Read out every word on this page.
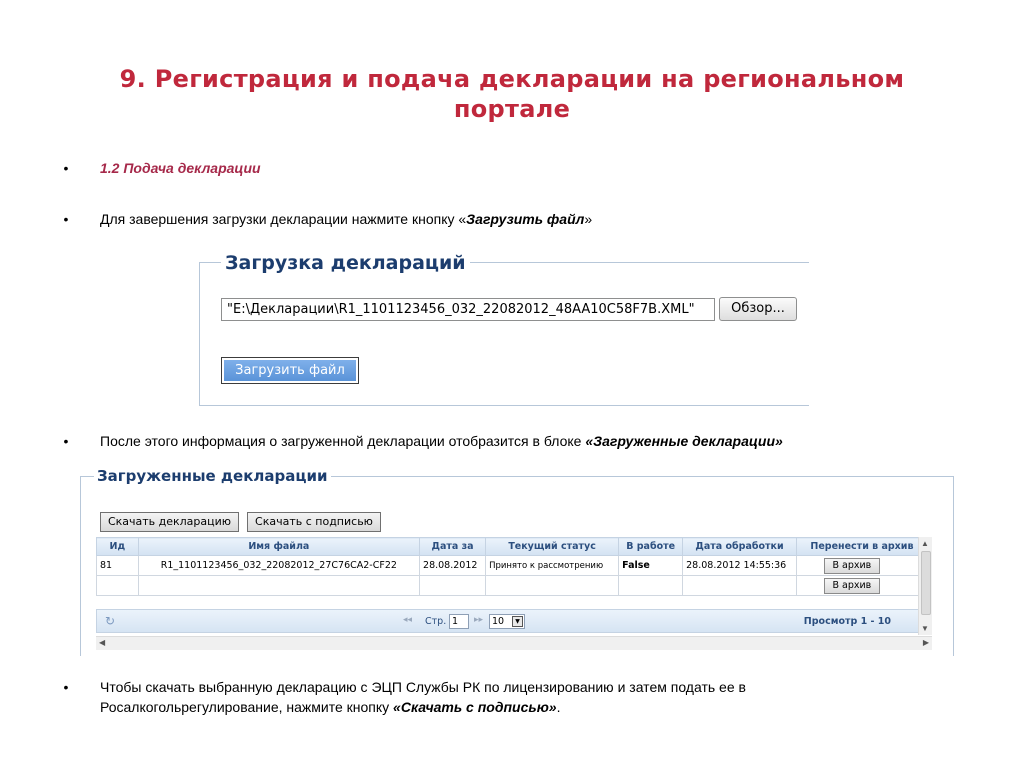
9. Регистрация и подача декларации на региональном портале
• 1.2 Подача декларации
• Для завершения загрузки декларации нажмите кнопку «Загрузить файл»
Загрузка деклараций
"E:\Декларации\R1_1101123456_032_22082012_48AA10C58F7B.XML"	Обзор...
Загрузить файл
• После этого информация о загруженной декларации отобразится в блоке «Загруженные декларации»
Загруженные декларации
Скачать декларацию	Скачать с подписью
Ид	Имя файла	Дата за	Текущий статус	В работе	Дата обработки	Перенести в архив
81	R1_1101123456_032_22082012_27C76CA2-CF22	28.08.2012	Принято к рассмотрению	False	28.08.2012 14:55:36	В архив
						В архив
↻	◂◂ Стр. 1	▸▸ 10	▼	Просмотр 1 - 10
▲
▼
◀	▶
• Чтобы скачать выбранную декларацию с ЭЦП Службы РК по лицензированию и затем подать ее в Росалкогольрегулирование, нажмите кнопку «Скачать с подписью».
